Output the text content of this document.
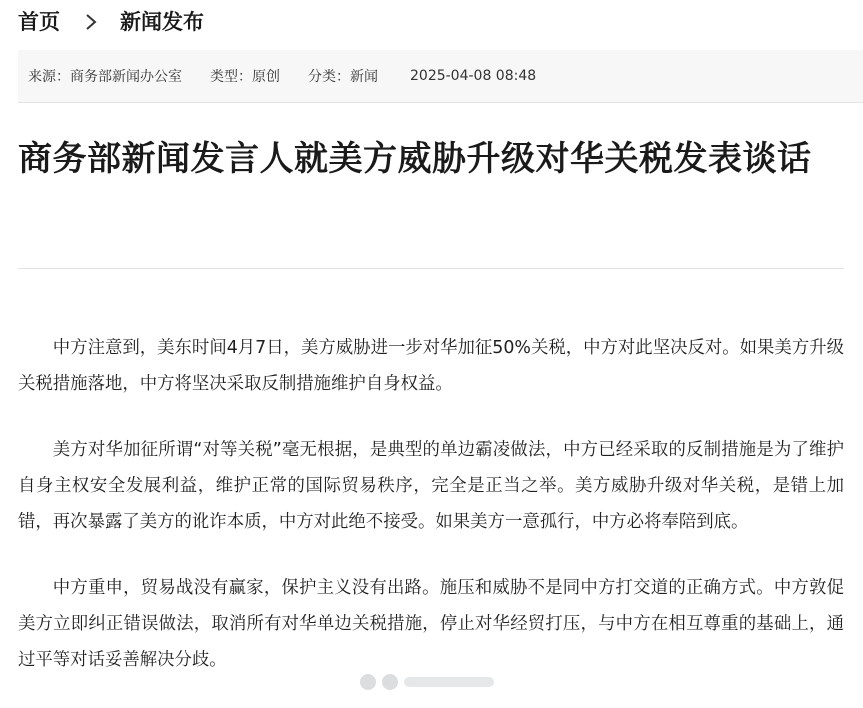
首页	新闻发布
来源：商务部新闻办公室 类型：原创 分类：新闻 2025-04-08 08:48
商务部新闻发言人就美方威胁升级对华关税发表谈话

中方注意到，美东时间4月7日，美方威胁进一步对华加征50%关税，中方对此坚决反对。如果美方升级关税措施落地，中方将坚决采取反制措施维护自身权益。

美方对华加征所谓“对等关税”毫无根据，是典型的单边霸凌做法，中方已经采取的反制措施是为了维护自身主权安全发展利益，维护正常的国际贸易秩序，完全是正当之举。美方威胁升级对华关税，是错上加错，再次暴露了美方的讹诈本质，中方对此绝不接受。如果美方一意孤行，中方必将奉陪到底。

中方重申，贸易战没有赢家，保护主义没有出路。施压和威胁不是同中方打交道的正确方式。中方敦促美方立即纠正错误做法，取消所有对华单边关税措施，停止对华经贸打压，与中方在相互尊重的基础上，通过平等对话妥善解决分歧。
